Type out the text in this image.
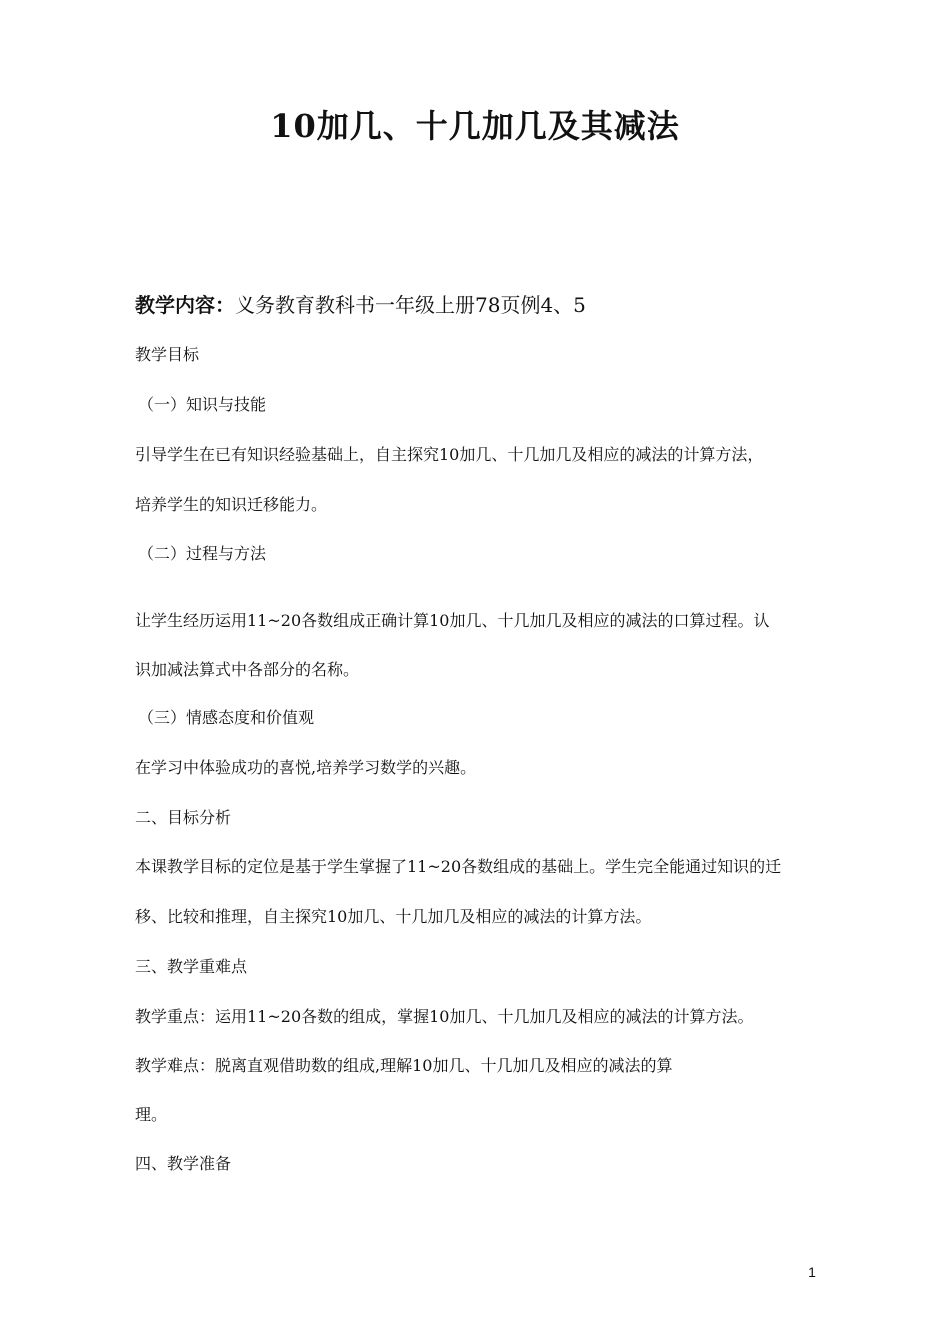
10加几、十几加几及其减法
教学内容：义务教育教科书一年级上册78页例4、5
教学目标
（一）知识与技能
引导学生在已有知识经验基础上，自主探究10加几、十几加几及相应的减法的计算方法，
培养学生的知识迁移能力。
（二）过程与方法
让学生经历运用11~20各数组成正确计算10加几、十几加几及相应的减法的口算过程。认
识加减法算式中各部分的名称。
（三）情感态度和价值观
在学习中体验成功的喜悦,培养学习数学的兴趣。
二、目标分析
本课教学目标的定位是基于学生掌握了11~20各数组成的基础上。学生完全能通过知识的迁
移、比较和推理，自主探究10加几、十几加几及相应的减法的计算方法。
三、教学重难点
教学重点：运用11~20各数的组成，掌握10加几、十几加几及相应的减法的计算方法。
教学难点：脱离直观借助数的组成,理解10加几、十几加几及相应的减法的算
理。
四、教学准备
1
